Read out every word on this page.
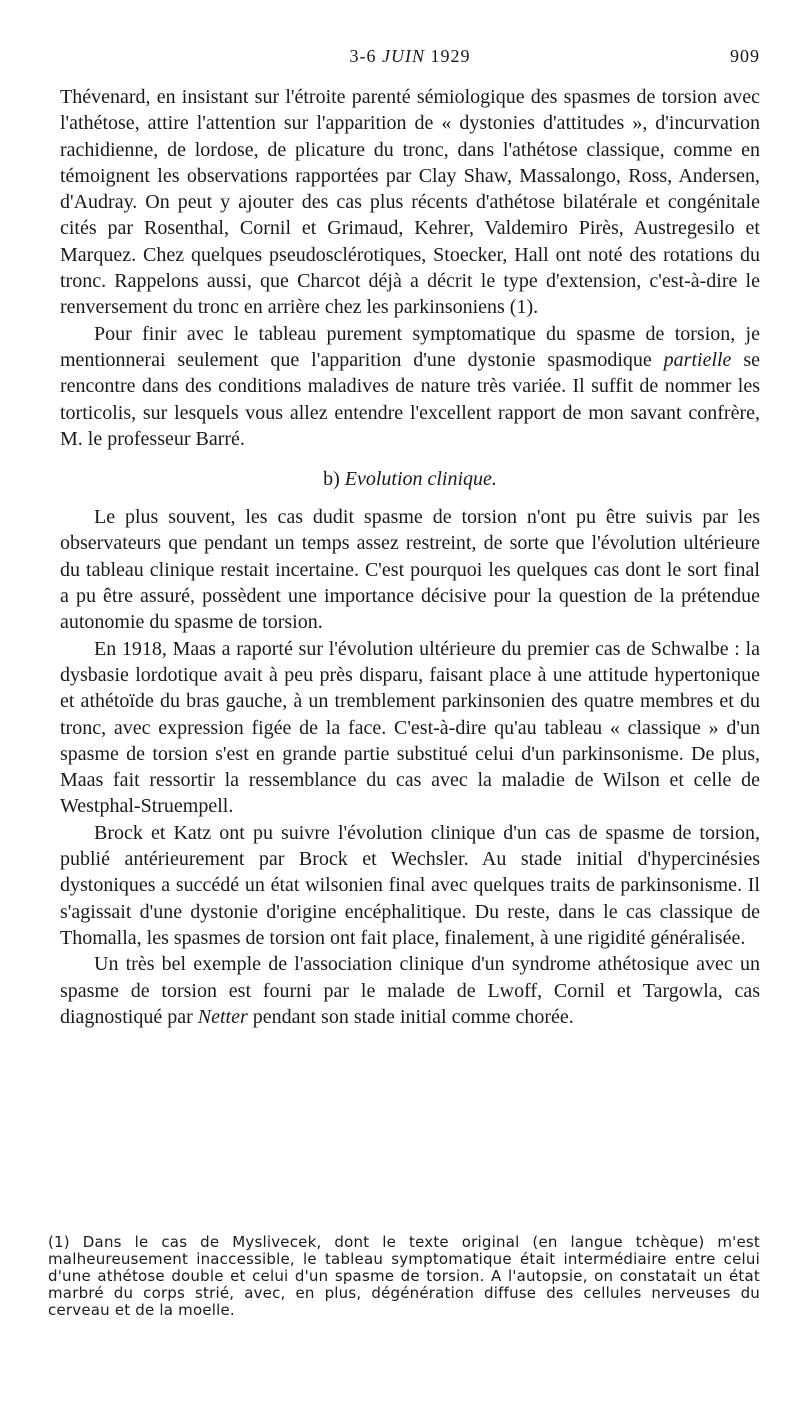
3-6 JUIN 1929	909

Thévenard, en insistant sur l'étroite parenté sémiologique des spasmes de torsion avec l'athétose, attire l'attention sur l'apparition de « dystonies d'attitudes », d'incurvation rachidienne, de lordose, de plicature du tronc, dans l'athétose classique, comme en témoignent les observations rapportées par Clay Shaw, Massalongo, Ross, Andersen, d'Audray. On peut y ajouter des cas plus récents d'athétose bilatérale et congénitale cités par Rosenthal, Cornil et Grimaud, Kehrer, Valdemiro Pirès, Austregesilo et Marquez. Chez quelques pseudosclérotiques, Stoecker, Hall ont noté des rotations du tronc. Rappelons aussi, que Charcot déjà a décrit le type d'extension, c'est-à-dire le renversement du tronc en arrière chez les parkinsoniens (1).

Pour finir avec le tableau purement symptomatique du spasme de torsion, je mentionnerai seulement que l'apparition d'une dystonie spasmodique partielle se rencontre dans des conditions maladives de nature très variée. Il suffit de nommer les torticolis, sur lesquels vous allez entendre l'excellent rapport de mon savant confrère, M. le professeur Barré.

b) Evolution clinique.

Le plus souvent, les cas dudit spasme de torsion n'ont pu être suivis par les observateurs que pendant un temps assez restreint, de sorte que l'évolution ultérieure du tableau clinique restait incertaine. C'est pourquoi les quelques cas dont le sort final a pu être assuré, possèdent une importance décisive pour la question de la prétendue autonomie du spasme de torsion.

En 1918, Maas a raporté sur l'évolution ultérieure du premier cas de Schwalbe : la dysbasie lordotique avait à peu près disparu, faisant place à une attitude hypertonique et athétoïde du bras gauche, à un tremblement parkinsonien des quatre membres et du tronc, avec expression figée de la face. C'est-à-dire qu'au tableau « classique » d'un spasme de torsion s'est en grande partie substitué celui d'un parkinsonisme. De plus, Maas fait ressortir la ressemblance du cas avec la maladie de Wilson et celle de Westphal-Struempell.

Brock et Katz ont pu suivre l'évolution clinique d'un cas de spasme de torsion, publié antérieurement par Brock et Wechsler. Au stade initial d'hypercinésies dystoniques a succédé un état wilsonien final avec quelques traits de parkinsonisme. Il s'agissait d'une dystonie d'origine encéphalitique. Du reste, dans le cas classique de Thomalla, les spasmes de torsion ont fait place, finalement, à une rigidité généralisée.

Un très bel exemple de l'association clinique d'un syndrome athétosique avec un spasme de torsion est fourni par le malade de Lwoff, Cornil et Targowla, cas diagnostiqué par Netter pendant son stade initial comme chorée.

(1) Dans le cas de Myslivecek, dont le texte original (en langue tchèque) m'est malheureusement inaccessible, le tableau symptomatique était intermédiaire entre celui d'une athétose double et celui d'un spasme de torsion. A l'autopsie, on constatait un état marbré du corps strié, avec, en plus, dégénération diffuse des cellules nerveuses du cerveau et de la moelle.
